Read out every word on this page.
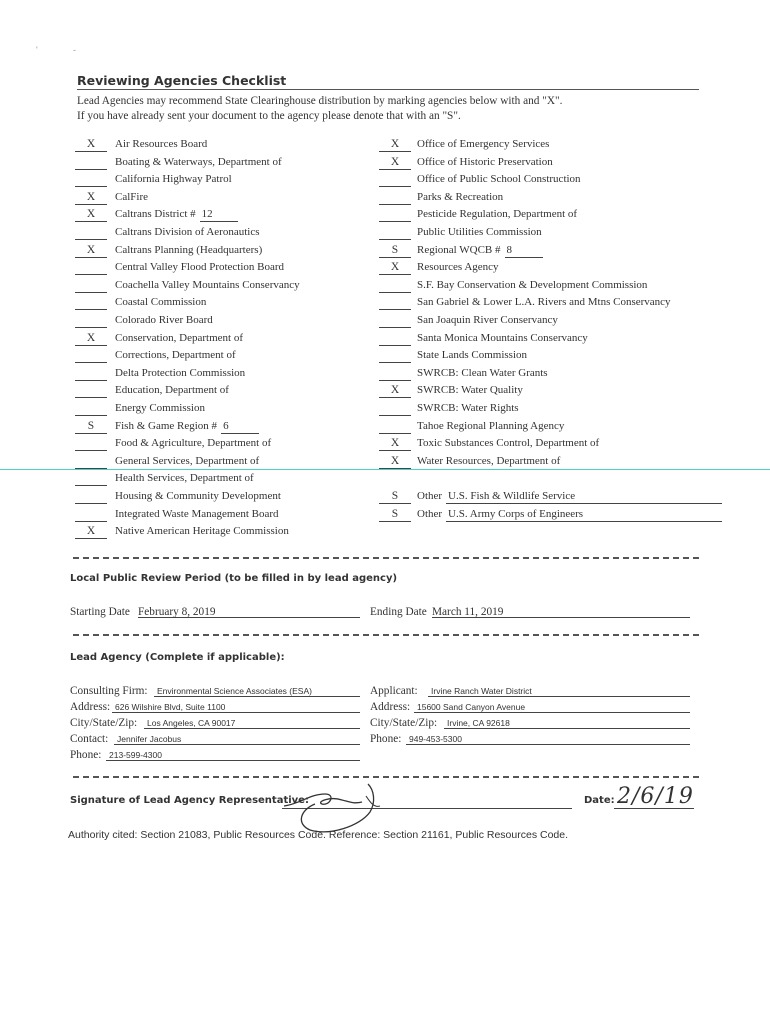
'	-
Reviewing Agencies Checklist
Lead Agencies may recommend State Clearinghouse distribution by marking agencies below with and "X".
If you have already sent your document to the agency please denote that with an "S".
X	Air Resources Board
Boating & Waterways, Department of
California Highway Patrol
X	CalFire
X	Caltrans District # 12
Caltrans Division of Aeronautics
X	Caltrans Planning (Headquarters)
Central Valley Flood Protection Board
Coachella Valley Mountains Conservancy
Coastal Commission
Colorado River Board
X	Conservation, Department of
Corrections, Department of
Delta Protection Commission
Education, Department of
Energy Commission
S	Fish & Game Region # 6
Food & Agriculture, Department of
General Services, Department of
Health Services, Department of
Housing & Community Development
Integrated Waste Management Board
X	Native American Heritage Commission
X	Office of Emergency Services
X	Office of Historic Preservation
Office of Public School Construction
Parks & Recreation
Pesticide Regulation, Department of
Public Utilities Commission
S	Regional WQCB # 8
X	Resources Agency
S.F. Bay Conservation & Development Commission
San Gabriel & Lower L.A. Rivers and Mtns Conservancy
San Joaquin River Conservancy
Santa Monica Mountains Conservancy
State Lands Commission
SWRCB: Clean Water Grants
X	SWRCB: Water Quality
SWRCB: Water Rights
Tahoe Regional Planning Agency
X	Toxic Substances Control, Department of
X	Water Resources, Department of
S	Other U.S. Fish & Wildlife Service
S	Other U.S. Army Corps of Engineers
Local Public Review Period (to be filled in by lead agency)
Starting Date February 8, 2019	Ending Date March 11, 2019
Lead Agency (Complete if applicable):
Consulting Firm:	Environmental Science Associates (ESA)
Address: 626 Wilshire Blvd, Suite 1100
City/State/Zip:	Los Angeles, CA 90017
Contact:	Jennifer Jacobus
Phone: 213-599-4300
Applicant:	Irvine Ranch Water District
Address: 15600 Sand Canyon Avenue
City/State/Zip:	Irvine, CA 92618
Phone: 949-453-5300
Signature of Lead Agency Representative:	Date: 2/6/19
Authority cited: Section 21083, Public Resources Code. Reference: Section 21161, Public Resources Code.
